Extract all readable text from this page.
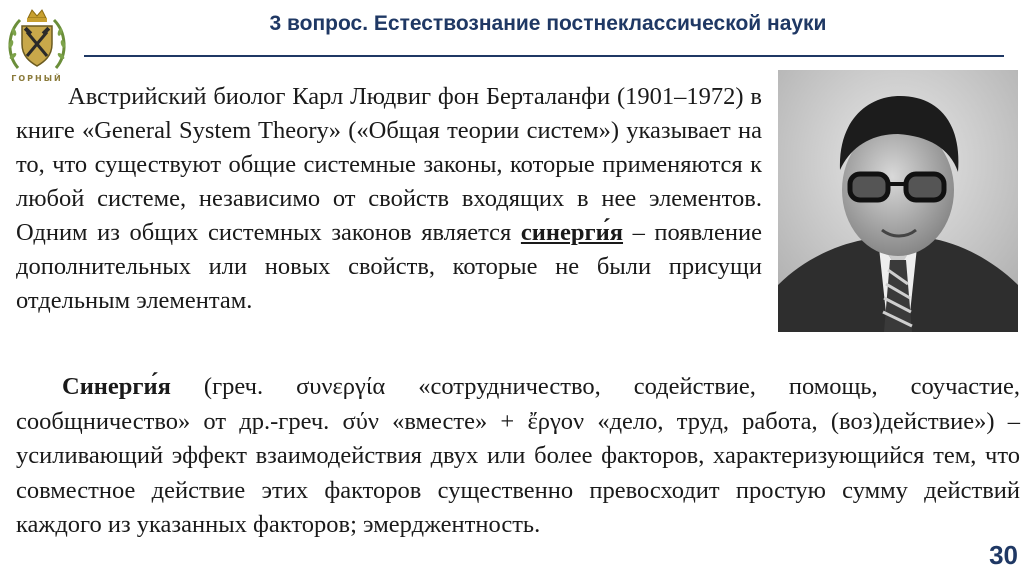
ГОРНЫЙ
3 вопрос. Естествознание постнеклассической науки
Австрийский биолог Карл Людвиг фон Берталанфи (1901–1972) в книге «General System Theory» («Общая теории систем») указывает на то, что существуют общие системные законы, которые применяются к любой системе, независимо от свойств входящих в нее элементов. Одним из общих системных законов является синерги́я – появление дополнительных или новых свойств, которые не были присущи отдельным элементам.
Синерги́я (греч. συνεργία «сотрудничество, содействие, помощь, соучастие, сообщничество» от др.-греч. σύν «вместе» + ἔργον «дело, труд, работа, (воз)действие») – усиливающий эффект взаимодействия двух или более факторов, характеризующийся тем, что совместное действие этих факторов существенно превосходит простую сумму действий каждого из указанных факторов; эмерджентность.
30
